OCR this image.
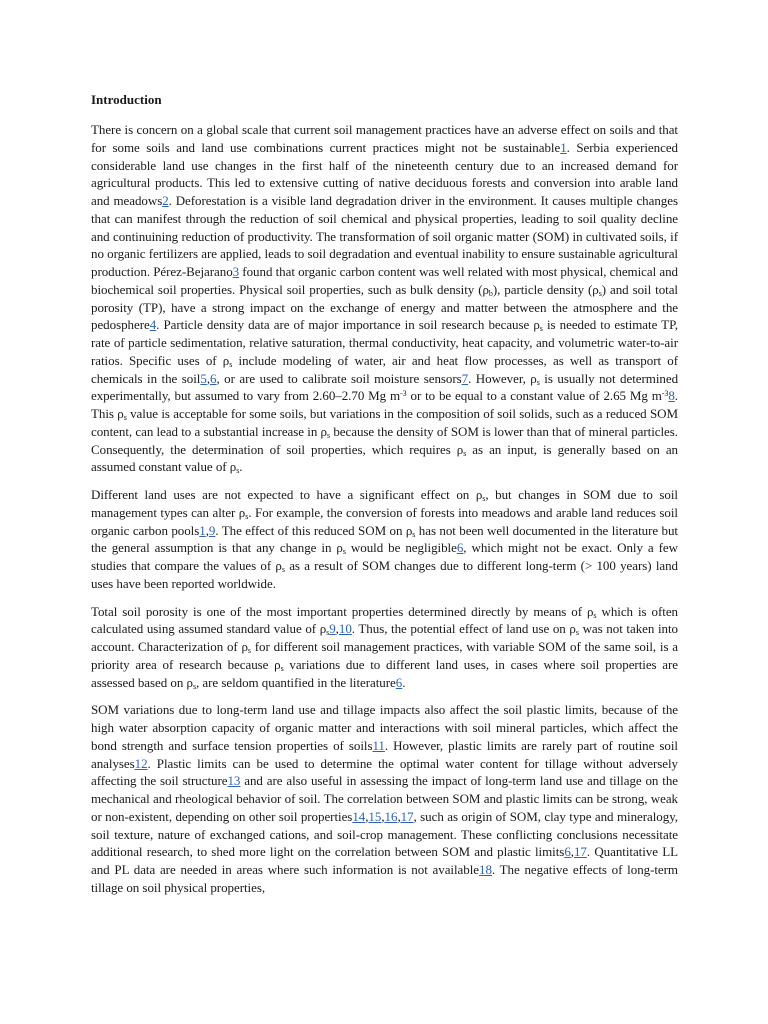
Introduction

There is concern on a global scale that current soil management practices have an adverse effect on soils and that for some soils and land use combinations current practices might not be sustainable1. Serbia experienced considerable land use changes in the first half of the nineteenth century due to an increased demand for agricultural products. This led to extensive cutting of native deciduous forests and conversion into arable land and meadows2. Deforestation is a visible land degradation driver in the environment. It causes multiple changes that can manifest through the reduction of soil chemical and physical properties, leading to soil quality decline and continuining reduction of productivity. The transformation of soil organic matter (SOM) in cultivated soils, if no organic fertilizers are applied, leads to soil degradation and eventual inability to ensure sustainable agricultural production. Pérez-Bejarano3 found that organic carbon content was well related with most physical, chemical and biochemical soil properties. Physical soil properties, such as bulk density $(\rho_b)$, particle density $(\rho_s)$ and soil total porosity (TP), have a strong impact on the exchange of energy and matter between the atmosphere and the pedosphere4. Particle density data are of major importance in soil research because $\rho_s$ is needed to estimate TP, rate of particle sedimentation, relative saturation, thermal conductivity, heat capacity, and volumetric water-to-air ratios. Specific uses of $\rho_s$ include modeling of water, air and heat flow processes, as well as transport of chemicals in the soil5,6, or are used to calibrate soil moisture sensors7. However, $\rho_s$ is usually not determined experimentally, but assumed to vary from 2.60–2.70 Mg $m^{-3}$ or to be equal to a constant value of 2.65 Mg $m^{-3}8$. This $\rho_s$ value is acceptable for some soils, but variations in the composition of soil solids, such as a reduced SOM content, can lead to a substantial increase in $\rho_s$ because the density of SOM is lower than that of mineral particles. Consequently, the determination of soil properties, which requires $\rho_s$ as an input, is generally based on an assumed constant value of $\rho_s$.

Different land uses are not expected to have a significant effect on $\rho_s$, but changes in SOM due to soil management types can alter $\rho_s$. For example, the conversion of forests into meadows and arable land reduces soil organic carbon pools1,9. The effect of this reduced SOM on $\rho_s$ has not been well documented in the literature but the general assumption is that any change in $\rho_s$ would be negligible6, which might not be exact. Only a few studies that compare the values of $\rho_s$ as a result of SOM changes due to different long-term (> 100 years) land uses have been reported worldwide.

Total soil porosity is one of the most important properties determined directly by means of $\rho_s$ which is often calculated using assumed standard value of $\rho_s9,10$. Thus, the potential effect of land use on $\rho_s$ was not taken into account. Characterization of $\rho_s$ for different soil management practices, with variable SOM of the same soil, is a priority area of research because $\rho_s$ variations due to different land uses, in cases where soil properties are assessed based on $\rho_s$, are seldom quantified in the literature6.

SOM variations due to long-term land use and tillage impacts also affect the soil plastic limits, because of the high water absorption capacity of organic matter and interactions with soil mineral particles, which affect the bond strength and surface tension properties of soils11. However, plastic limits are rarely part of routine soil analyses12. Plastic limits can be used to determine the optimal water content for tillage without adversely affecting the soil structure13 and are also useful in assessing the impact of long-term land use and tillage on the mechanical and rheological behavior of soil. The correlation between SOM and plastic limits can be strong, weak or non-existent, depending on other soil properties14,15,16,17, such as origin of SOM, clay type and mineralogy, soil texture, nature of exchanged cations, and soil-crop management. These conflicting conclusions necessitate additional research, to shed more light on the correlation between SOM and plastic limits6,17. Quantitative LL and PL data are needed in areas where such information is not available18. The negative effects of long-term tillage on soil physical properties,
